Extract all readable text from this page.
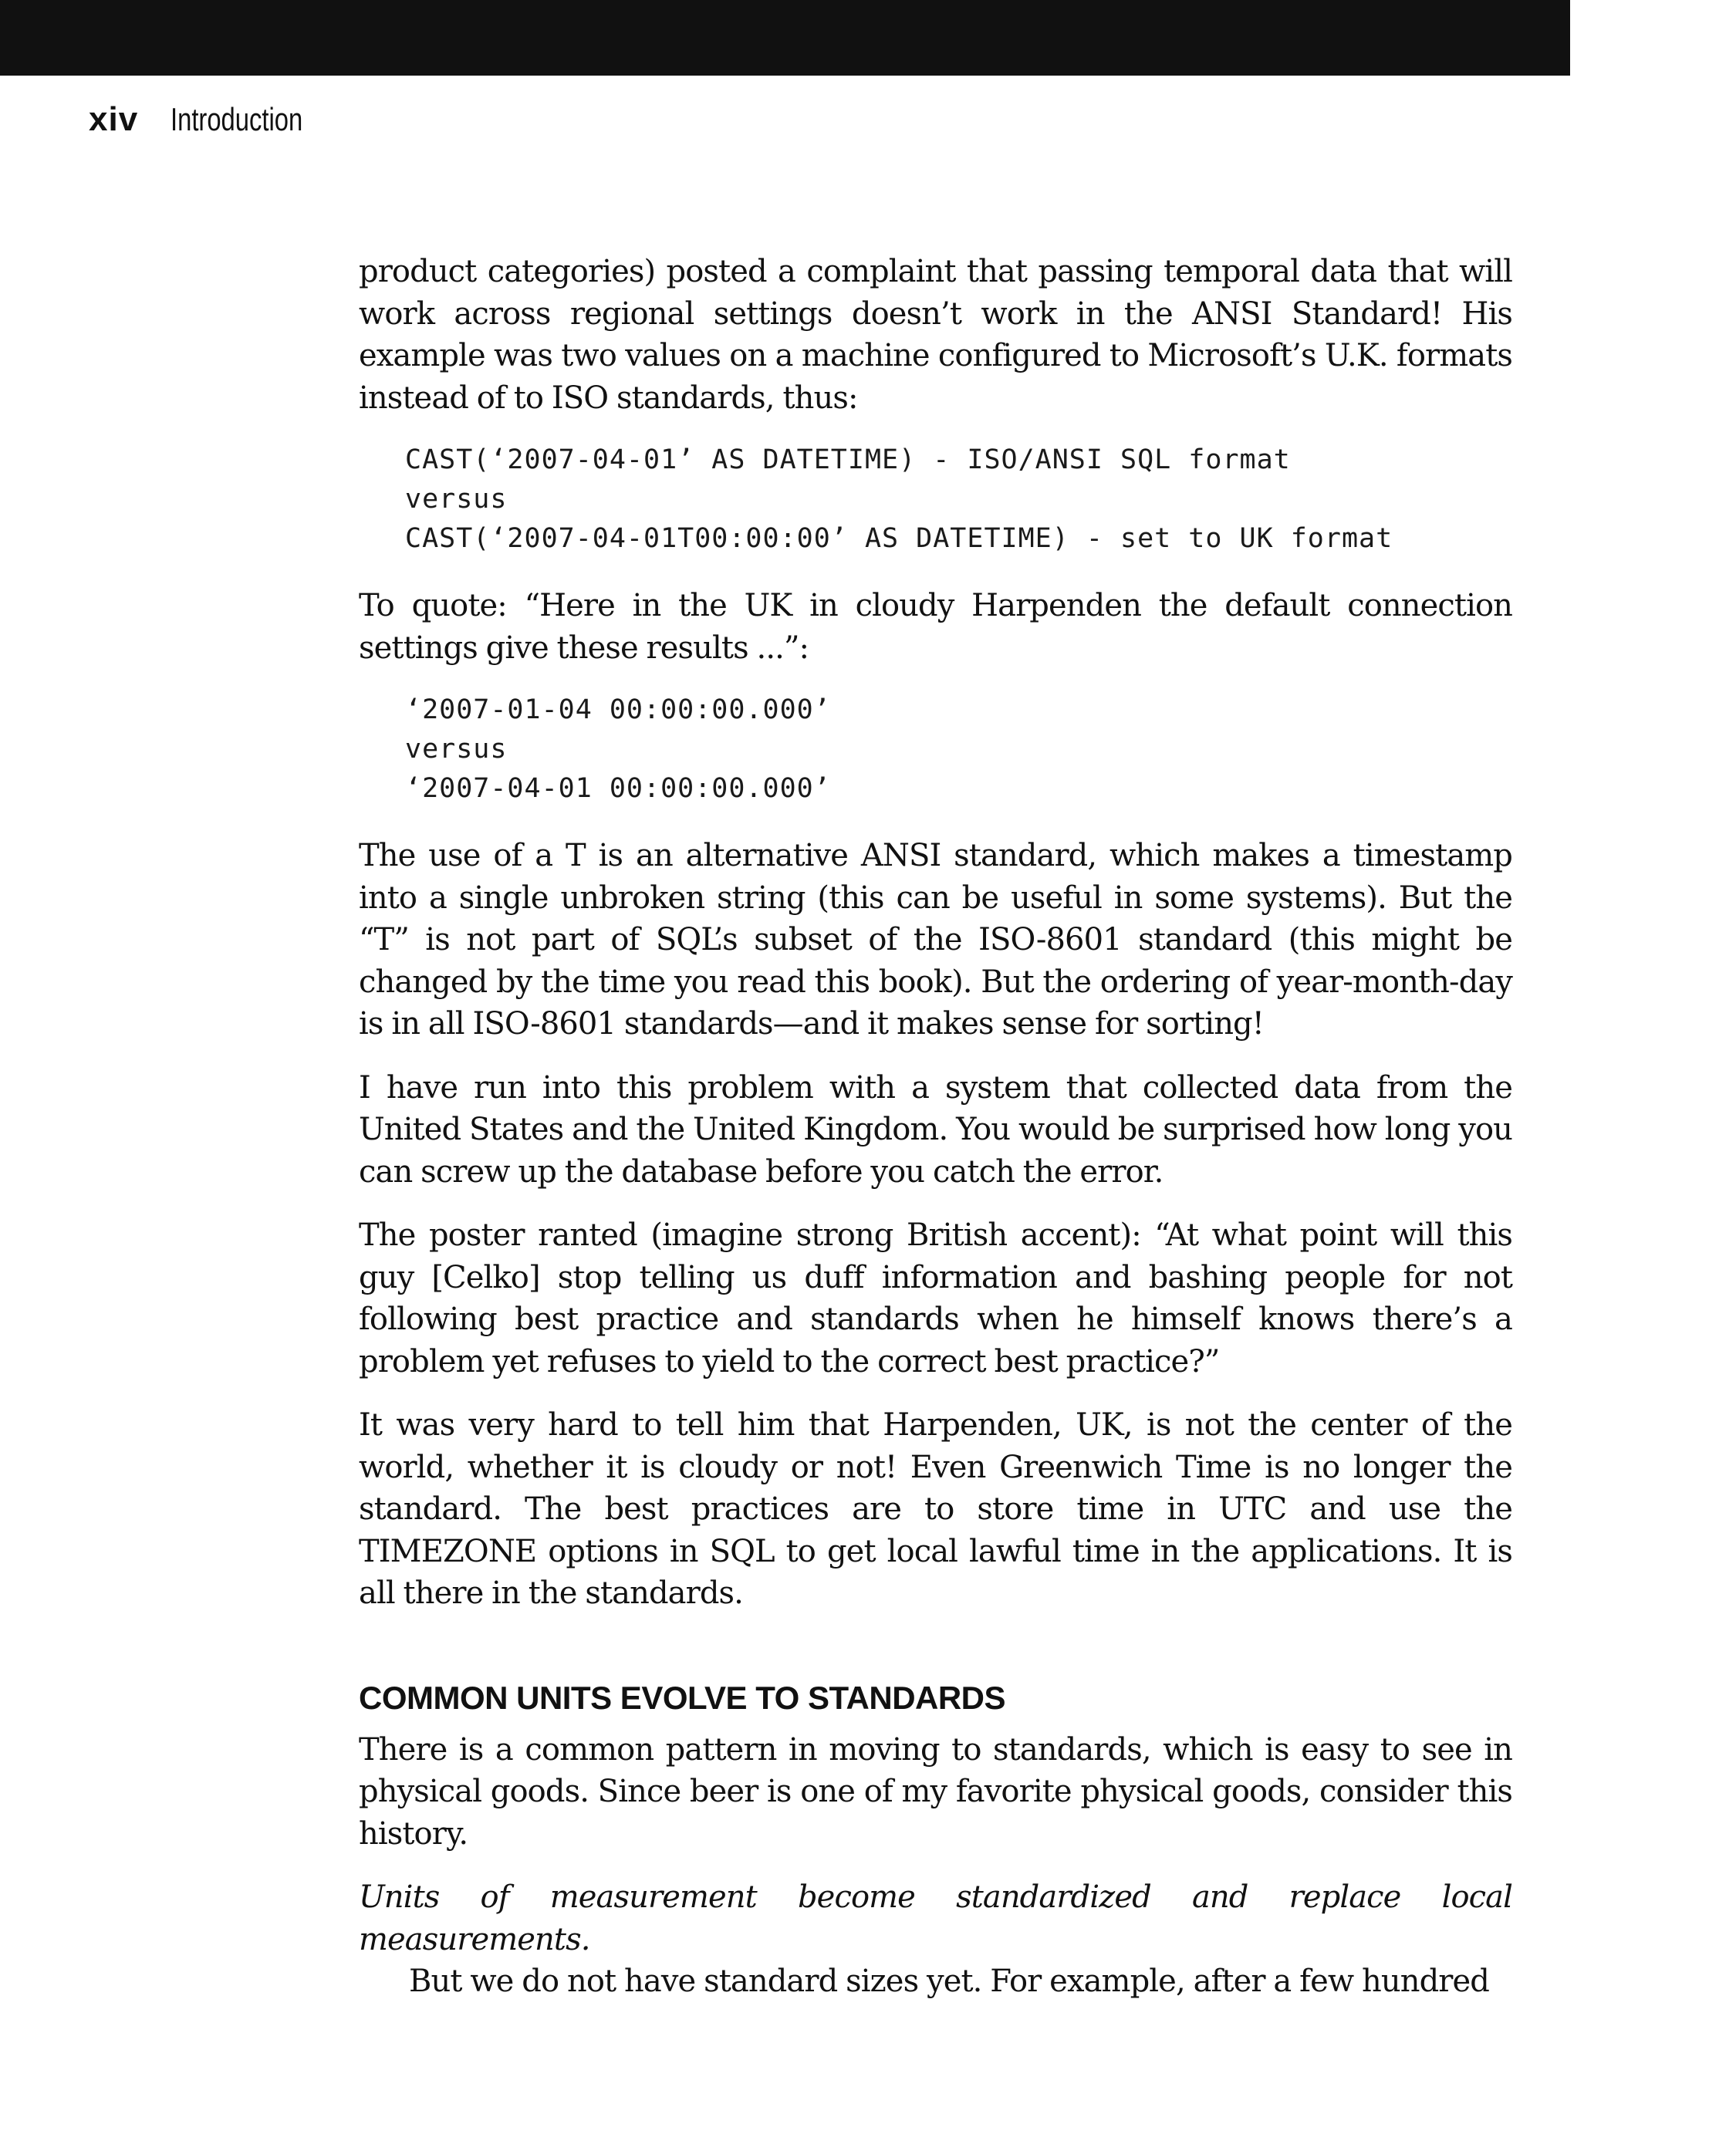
xiv Introduction

product categories) posted a complaint that passing temporal data that will work across regional settings doesn’t work in the ANSI Standard! His example was two values on a machine configured to Microsoft’s U.K. formats instead of to ISO standards, thus:

CAST(‘2007-04-01’ AS DATETIME) - ISO/ANSI SQL format
versus
CAST(‘2007-04-01T00:00:00’ AS DATETIME) - set to UK format

To quote: “Here in the UK in cloudy Harpenden the default connection settings give these results ...”:

‘2007-01-04 00:00:00.000’
versus
‘2007-04-01 00:00:00.000’

The use of a T is an alternative ANSI standard, which makes a timestamp into a single unbroken string (this can be useful in some systems). But the “T” is not part of SQL’s subset of the ISO-8601 standard (this might be changed by the time you read this book). But the ordering of year-month-day is in all ISO-8601 standards—and it makes sense for sorting!

I have run into this problem with a system that collected data from the United States and the United Kingdom. You would be surprised how long you can screw up the database before you catch the error.

The poster ranted (imagine strong British accent): “At what point will this guy [Celko] stop telling us duff information and bashing people for not following best practice and standards when he himself knows there’s a problem yet refuses to yield to the correct best practice?”

It was very hard to tell him that Harpenden, UK, is not the center of the world, whether it is cloudy or not! Even Greenwich Time is no longer the standard. The best practices are to store time in UTC and use the TIMEZONE options in SQL to get local lawful time in the applications. It is all there in the standards.

COMMON UNITS EVOLVE TO STANDARDS

There is a common pattern in moving to standards, which is easy to see in physical goods. Since beer is one of my favorite physical goods, consider this history.

Units of measurement become standardized and replace local measurements.

But we do not have standard sizes yet. For example, after a few hundred
